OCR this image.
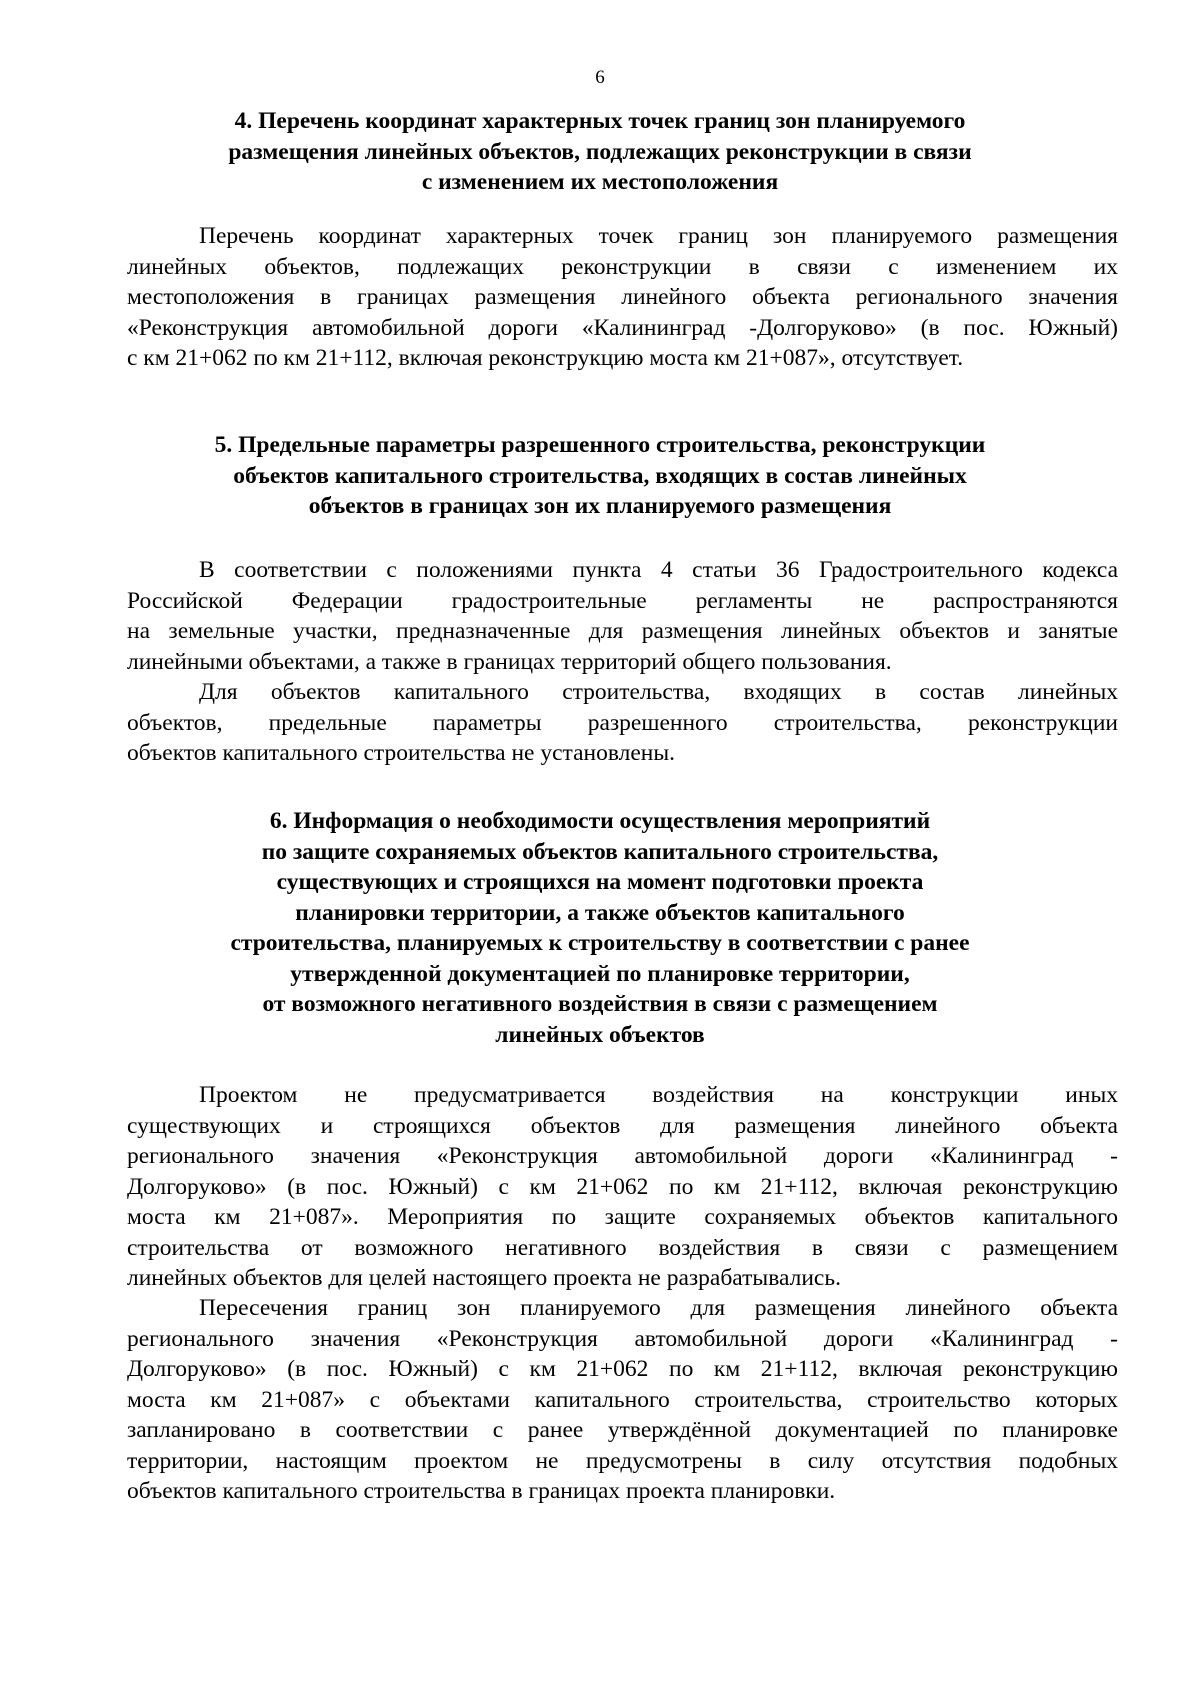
6
4. Перечень координат характерных точек границ зон планируемого
размещения линейных объектов, подлежащих реконструкции в связи
с изменением их местоположения
Перечень координат характерных точек границ зон планируемого размещения
линейных объектов, подлежащих реконструкции в связи с изменением их
местоположения в границах размещения линейного объекта регионального значения
«Реконструкция автомобильной дороги «Калининград -Долгоруково» (в пос. Южный)
с км 21+062 по км 21+112, включая реконструкцию моста км 21+087», отсутствует.
5. Предельные параметры разрешенного строительства, реконструкции
объектов капитального строительства, входящих в состав линейных
объектов в границах зон их планируемого размещения
В соответствии с положениями пункта 4 статьи 36 Градостроительного кодекса
Российской Федерации градостроительные регламенты не распространяются
на земельные участки, предназначенные для размещения линейных объектов и занятые
линейными объектами, а также в границах территорий общего пользования.
Для объектов капитального строительства, входящих в состав линейных
объектов, предельные параметры разрешенного строительства, реконструкции
объектов капитального строительства не установлены.
6. Информация о необходимости осуществления мероприятий
по защите сохраняемых объектов капитального строительства,
существующих и строящихся на момент подготовки проекта
планировки территории, а также объектов капитального
строительства, планируемых к строительству в соответствии с ранее
утвержденной документацией по планировке территории,
от возможного негативного воздействия в связи с размещением
линейных объектов
Проектом не предусматривается воздействия на конструкции иных
существующих и строящихся объектов для размещения линейного объекта
регионального значения «Реконструкция автомобильной дороги «Калининград -
Долгоруково» (в пос. Южный) с км 21+062 по км 21+112, включая реконструкцию
моста км 21+087». Мероприятия по защите сохраняемых объектов капитального
строительства от возможного негативного воздействия в связи с размещением
линейных объектов для целей настоящего проекта не разрабатывались.
Пересечения границ зон планируемого для размещения линейного объекта
регионального значения «Реконструкция автомобильной дороги «Калининград -
Долгоруково» (в пос. Южный) с км 21+062 по км 21+112, включая реконструкцию
моста км 21+087» с объектами капитального строительства, строительство которых
запланировано в соответствии с ранее утверждённой документацией по планировке
территории, настоящим проектом не предусмотрены в силу отсутствия подобных
объектов капитального строительства в границах проекта планировки.
